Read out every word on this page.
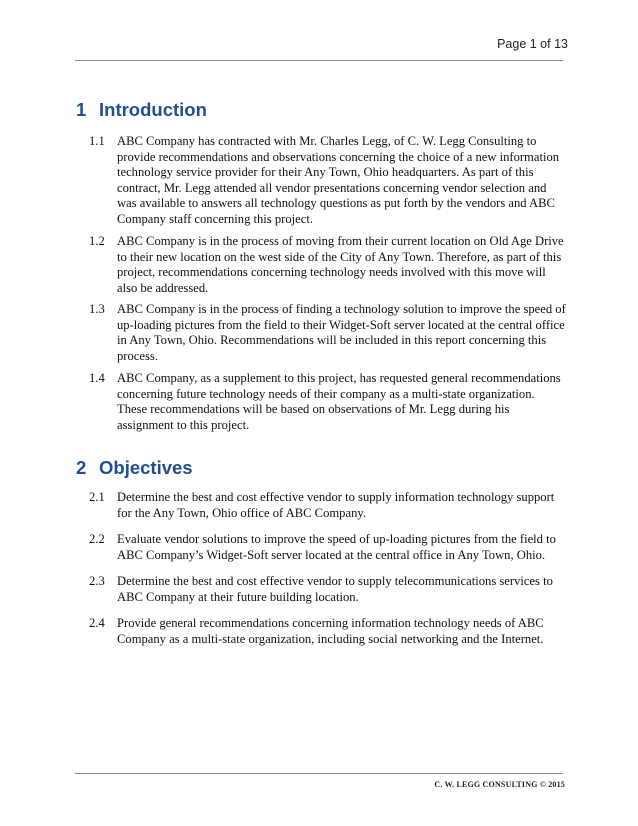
Page 1 of 13
1 Introduction
1.1 ABC Company has contracted with Mr. Charles Legg, of C. W. Legg Consulting to provide recommendations and observations concerning the choice of a new information technology service provider for their Any Town, Ohio headquarters. As part of this contract, Mr. Legg attended all vendor presentations concerning vendor selection and was available to answers all technology questions as put forth by the vendors and ABC Company staff concerning this project.
1.2 ABC Company is in the process of moving from their current location on Old Age Drive to their new location on the west side of the City of Any Town. Therefore, as part of this project, recommendations concerning technology needs involved with this move will also be addressed.
1.3 ABC Company is in the process of finding a technology solution to improve the speed of up-loading pictures from the field to their Widget-Soft server located at the central office in Any Town, Ohio. Recommendations will be included in this report concerning this process.
1.4 ABC Company, as a supplement to this project, has requested general recommendations concerning future technology needs of their company as a multi-state organization. These recommendations will be based on observations of Mr. Legg during his assignment to this project.
2 Objectives
2.1 Determine the best and cost effective vendor to supply information technology support for the Any Town, Ohio office of ABC Company.
2.2 Evaluate vendor solutions to improve the speed of up-loading pictures from the field to ABC Company’s Widget-Soft server located at the central office in Any Town, Ohio.
2.3 Determine the best and cost effective vendor to supply telecommunications services to ABC Company at their future building location.
2.4 Provide general recommendations concerning information technology needs of ABC Company as a multi-state organization, including social networking and the Internet.
C. W. LEGG CONSULTING © 2015
